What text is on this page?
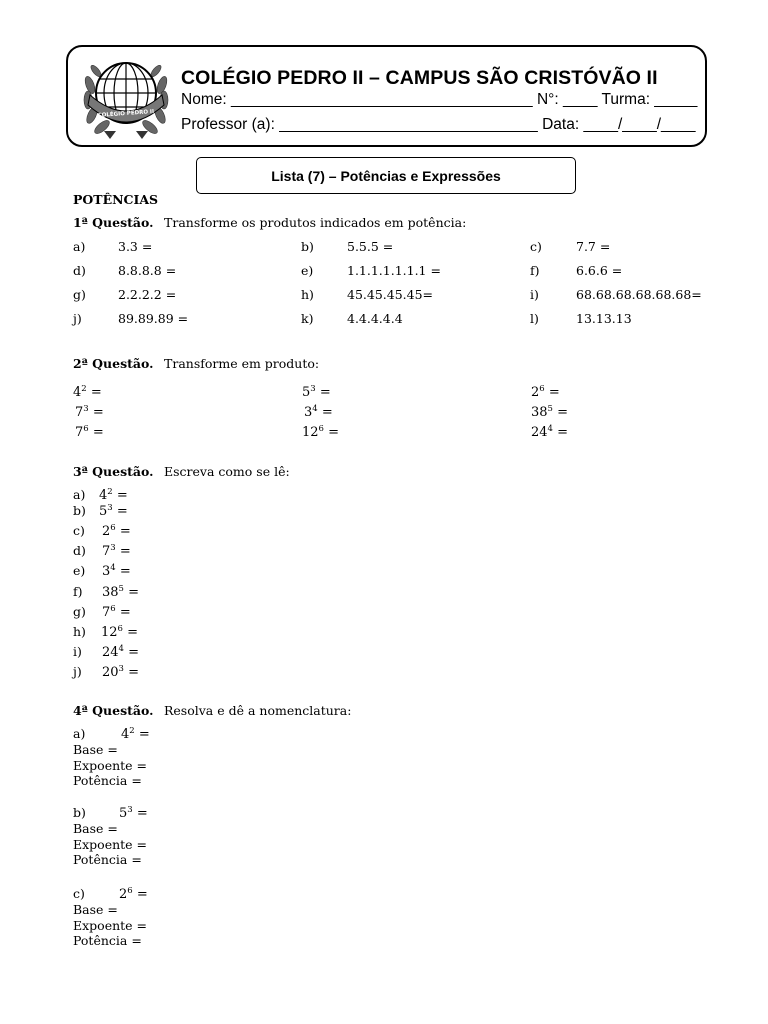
COLÉGIO PEDRO II
COLÉGIO PEDRO II – CAMPUS SÃO CRISTÓVÃO II
Nome: ___________________________________ N°: ____ Turma: _____
Professor (a): ______________________________ Data: ____/____/____
Lista (7) – Potências e Expressões
POTÊNCIAS
1ª Questão. Transforme os produtos indicados em potência:
a)	3.3 =	b)	5.5.5 =	c)	7.7 =
d)	8.8.8.8 =	e)	1.1.1.1.1.1.1 =	f)	6.6.6 =
g)	2.2.2.2 =	h)	45.45.45.45=	i)	68.68.68.68.68.68=
j)	89.89.89 =	k)	4.4.4.4.4	l)	13.13.13
2ª Questão. Transforme em produto:
$4^2$ =	$5^3$ =	$2^6$ =
$7^3$ =	$3^4$ =	$38^5$ =
$7^6$ =	$12^6$ =	$24^4$ =
3ª Questão. Escreva como se lê:
a) $4^2$ =
b) $5^3$ =
c) $2^6$ =
d) $7^3$ =
e) $3^4$ =
f) $38^5$ =
g) $7^6$ =
h) $12^6$ =
i) $24^4$ =
j) $20^3$ =
4ª Questão. Resolva e dê a nomenclatura:
a)	$4^2$ =
Base =
Expoente =
Potência =
b)	$5^3$ =
Base =
Expoente =
Potência =
c)	$2^6$ =
Base =
Expoente =
Potência =
